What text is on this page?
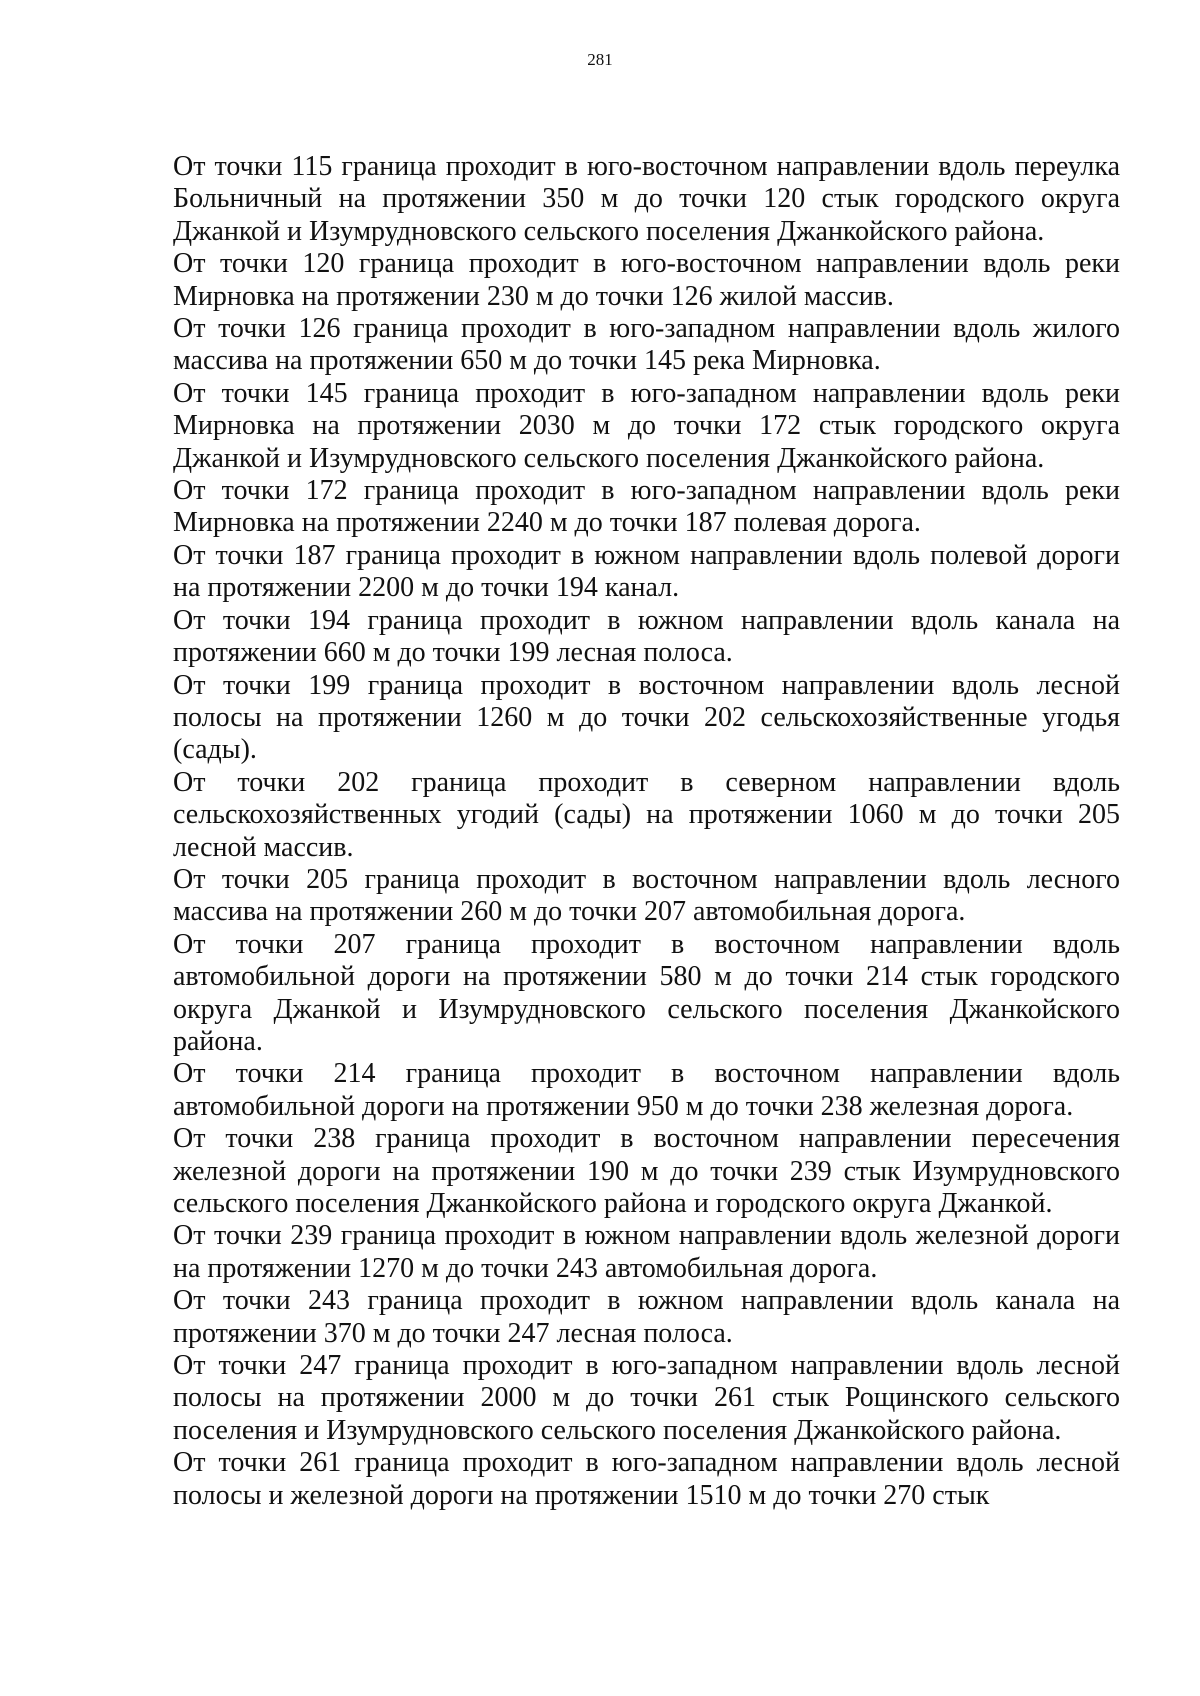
281

От точки 115 граница проходит в юго-восточном направлении вдоль переулка Больничный на протяжении 350 м до точки 120 стык городского округа Джанкой и Изумрудновского сельского поселения Джанкойского района.

От точки 120 граница проходит в юго-восточном направлении вдоль реки Мирновка на протяжении 230 м до точки 126 жилой массив.

От точки 126 граница проходит в юго-западном направлении вдоль жилого массива на протяжении 650 м до точки 145 река Мирновка.

От точки 145 граница проходит в юго-западном направлении вдоль реки Мирновка на протяжении 2030 м до точки 172 стык городского округа Джанкой и Изумрудновского сельского поселения Джанкойского района.

От точки 172 граница проходит в юго-западном направлении вдоль реки Мирновка на протяжении 2240 м до точки 187 полевая дорога.

От точки 187 граница проходит в южном направлении вдоль полевой дороги на протяжении 2200 м до точки 194 канал.

От точки 194 граница проходит в южном направлении вдоль канала на протяжении 660 м до точки 199 лесная полоса.

От точки 199 граница проходит в восточном направлении вдоль лесной полосы на протяжении 1260 м до точки 202 сельскохозяйственные угодья (сады).

От точки 202 граница проходит в северном направлении вдоль сельскохозяйственных угодий (сады) на протяжении 1060 м до точки 205 лесной массив.

От точки 205 граница проходит в восточном направлении вдоль лесного массива на протяжении 260 м до точки 207 автомобильная дорога.

От точки 207 граница проходит в восточном направлении вдоль автомобильной дороги на протяжении 580 м до точки 214 стык городского округа Джанкой и Изумрудновского сельского поселения Джанкойского района.

От точки 214 граница проходит в восточном направлении вдоль автомобильной дороги на протяжении 950 м до точки 238 железная дорога.

От точки 238 граница проходит в восточном направлении пересечения железной дороги на протяжении 190 м до точки 239 стык Изумрудновского сельского поселения Джанкойского района и городского округа Джанкой.

От точки 239 граница проходит в южном направлении вдоль железной дороги на протяжении 1270 м до точки 243 автомобильная дорога.

От точки 243 граница проходит в южном направлении вдоль канала на протяжении 370 м до точки 247 лесная полоса.

От точки 247 граница проходит в юго-западном направлении вдоль лесной полосы на протяжении 2000 м до точки 261 стык Рощинского сельского поселения и Изумрудновского сельского поселения Джанкойского района.

От точки 261 граница проходит в юго-западном направлении вдоль лесной полосы и железной дороги на протяжении 1510 м до точки 270 стык
